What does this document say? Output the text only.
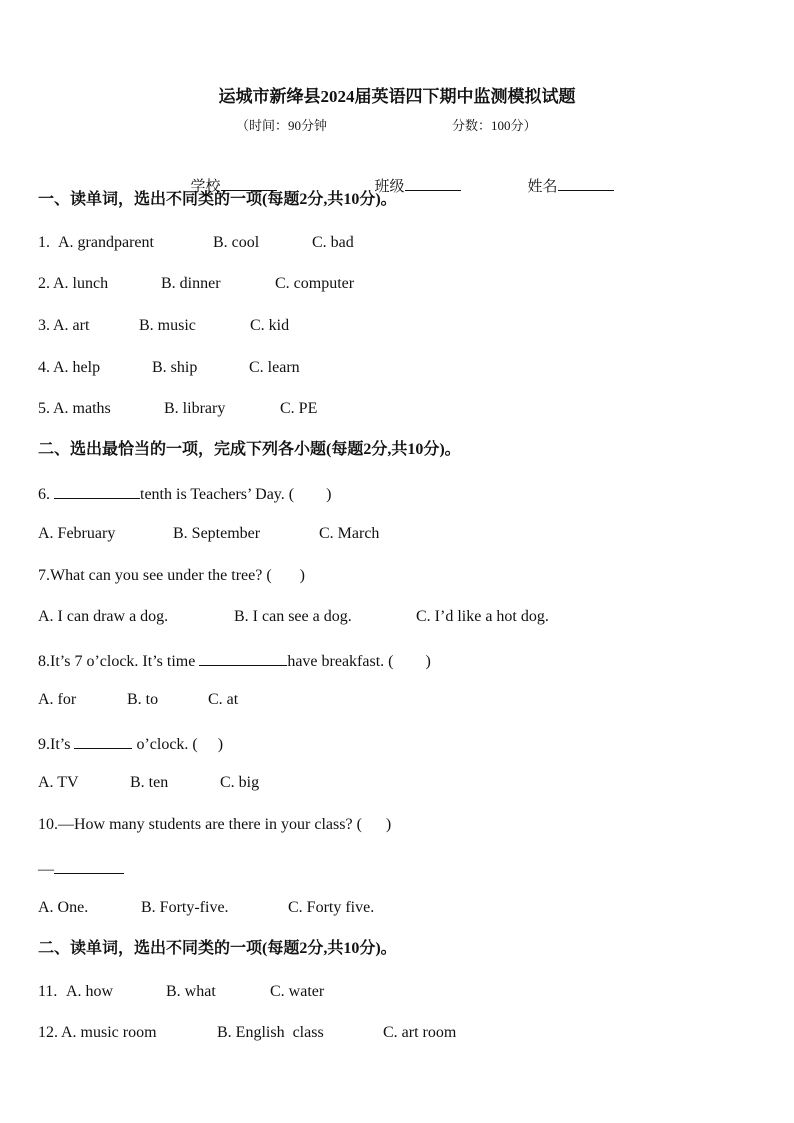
运城市新绛县2024届英语四下期中监测模拟试题
（时间：90分钟	分数：100分）

学校	班级	姓名

一、读单词，选出不同类的一项(每题2分,共10分)。
1. A. grandparent	B. cool	C. bad
2. A. lunch	B. dinner	C. computer
3. A. art	B. music	C. kid
4. A. help	B. ship	C. learn
5. A. maths	B. library	C. PE
二、选出最恰当的一项，完成下列各小题(每题2分,共10分)。
6.	tenth is Teachers’ Day. (        )
A. February	B. September	C. March
7.What can you see under the tree? (       )
A. I can draw a dog.	B. I can see a dog.	C. I’d like a hot dog.
8.It’s 7 o’clock. It’s time	have breakfast. (        )
A. for	B. to	C. at
9.It’s	o’clock. (     )
A. TV	B. ten	C. big
10.—How many students are there in your class? (      )
—
A. One.	B. Forty-five.	C. Forty five.
二、读单词，选出不同类的一项(每题2分,共10分)。
11. A. how	B. what	C. water
12. A. music room	B. English  class	C. art room
